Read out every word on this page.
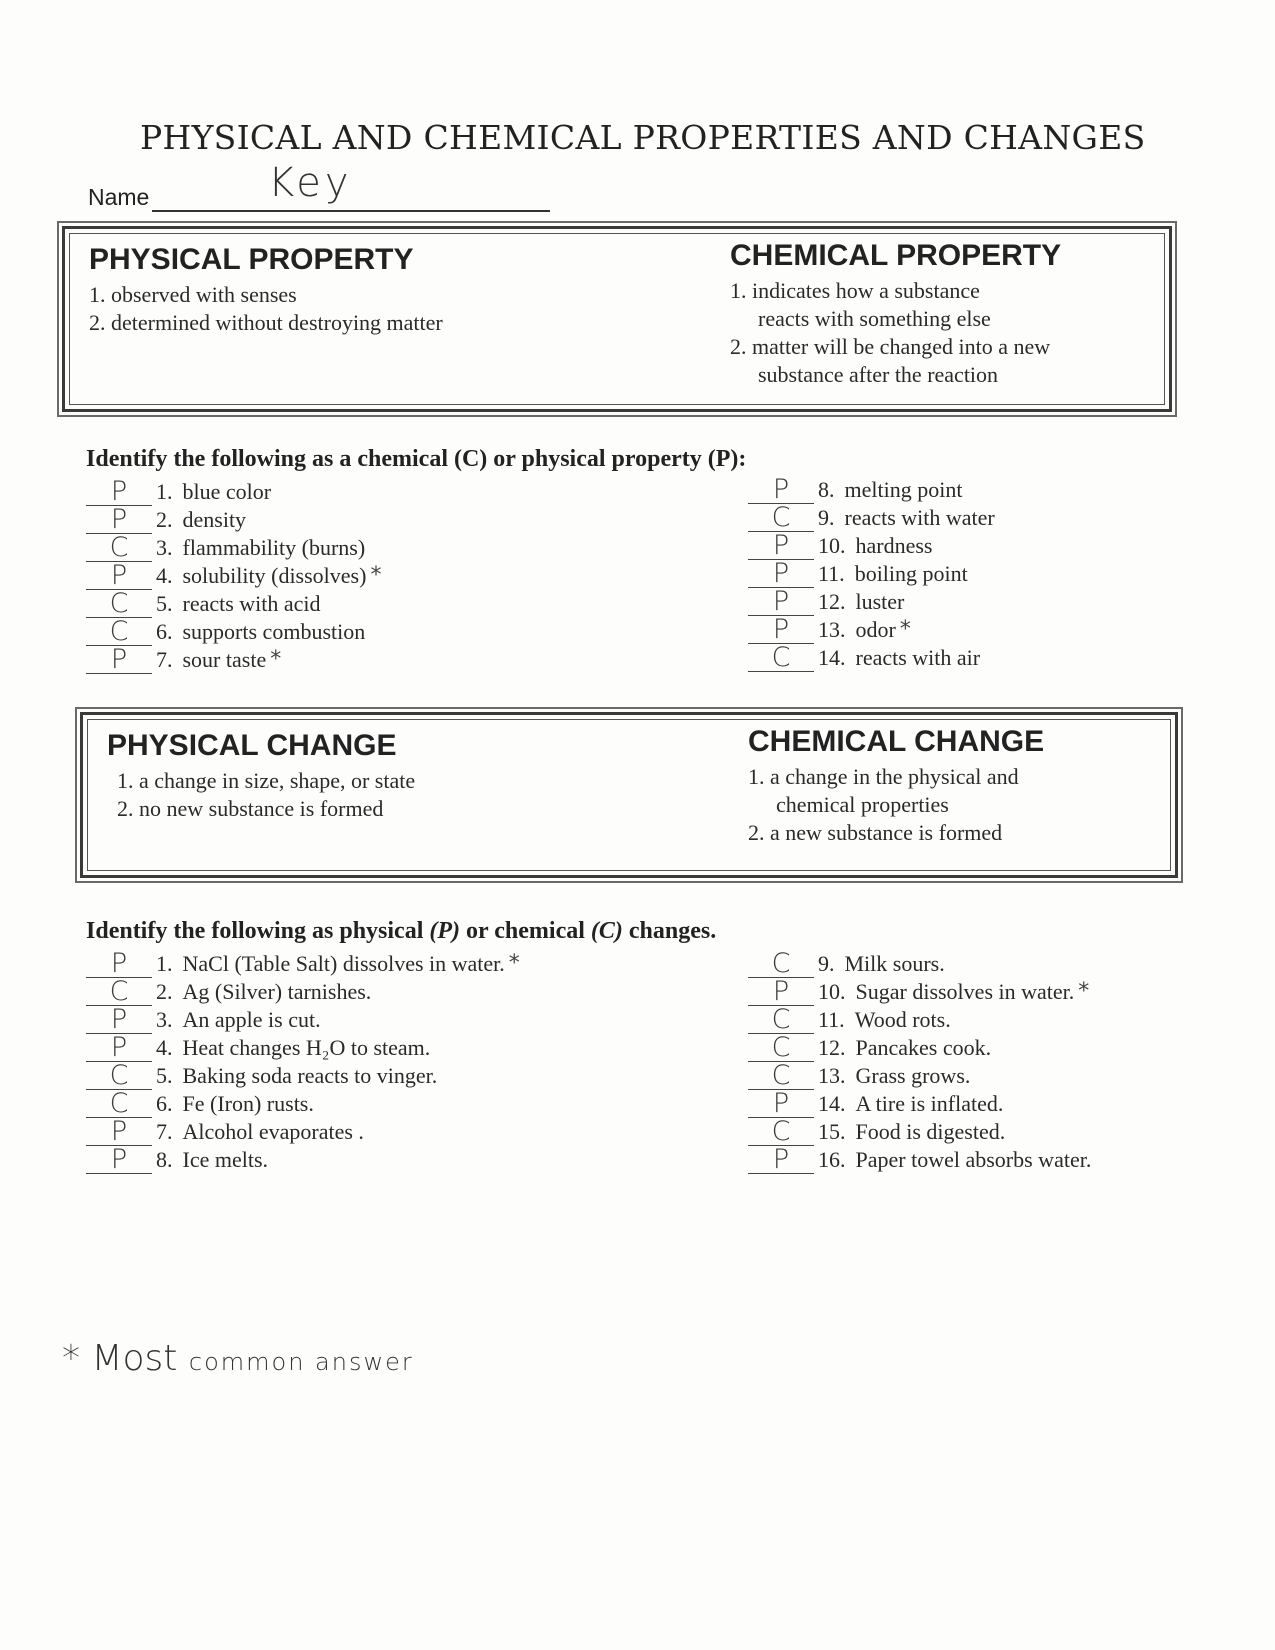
PHYSICAL AND CHEMICAL PROPERTIES AND CHANGES
Name	Key
PHYSICAL PROPERTY
1. observed with senses
2. determined without destroying matter
CHEMICAL PROPERTY
1. indicates how a substance
reacts with something else
2. matter will be changed into a new
substance after the reaction
Identify the following as a chemical (C) or physical property (P):
P	1. blue color
P	2. density
C	3. flammability (burns)
P	4. solubility (dissolves) *
C	5. reacts with acid
C	6. supports combustion
P	7. sour taste *
P	8. melting point
C	9. reacts with water
P	10. hardness
P	11. boiling point
P	12. luster
P	13. odor *
C	14. reacts with air
PHYSICAL CHANGE
1. a change in size, shape, or state
2. no new substance is formed
CHEMICAL CHANGE
1. a change in the physical and
chemical properties
2. a new substance is formed
Identify the following as physical (P) or chemical (C) changes.
P	1. NaCl (Table Salt) dissolves in water. *
C	2. Ag (Silver) tarnishes.
P	3. An apple is cut.
P	4. Heat changes H₂O to steam.
C	5. Baking soda reacts to vinger.
C	6. Fe (Iron) rusts.
P	7. Alcohol evaporates .
P	8. Ice melts.
C	9. Milk sours.
P	10. Sugar dissolves in water. *
C	11. Wood rots.
C	12. Pancakes cook.
C	13. Grass grows.
P	14. A tire is inflated.
C	15. Food is digested.
P	16. Paper towel absorbs water.
* Most common answer
